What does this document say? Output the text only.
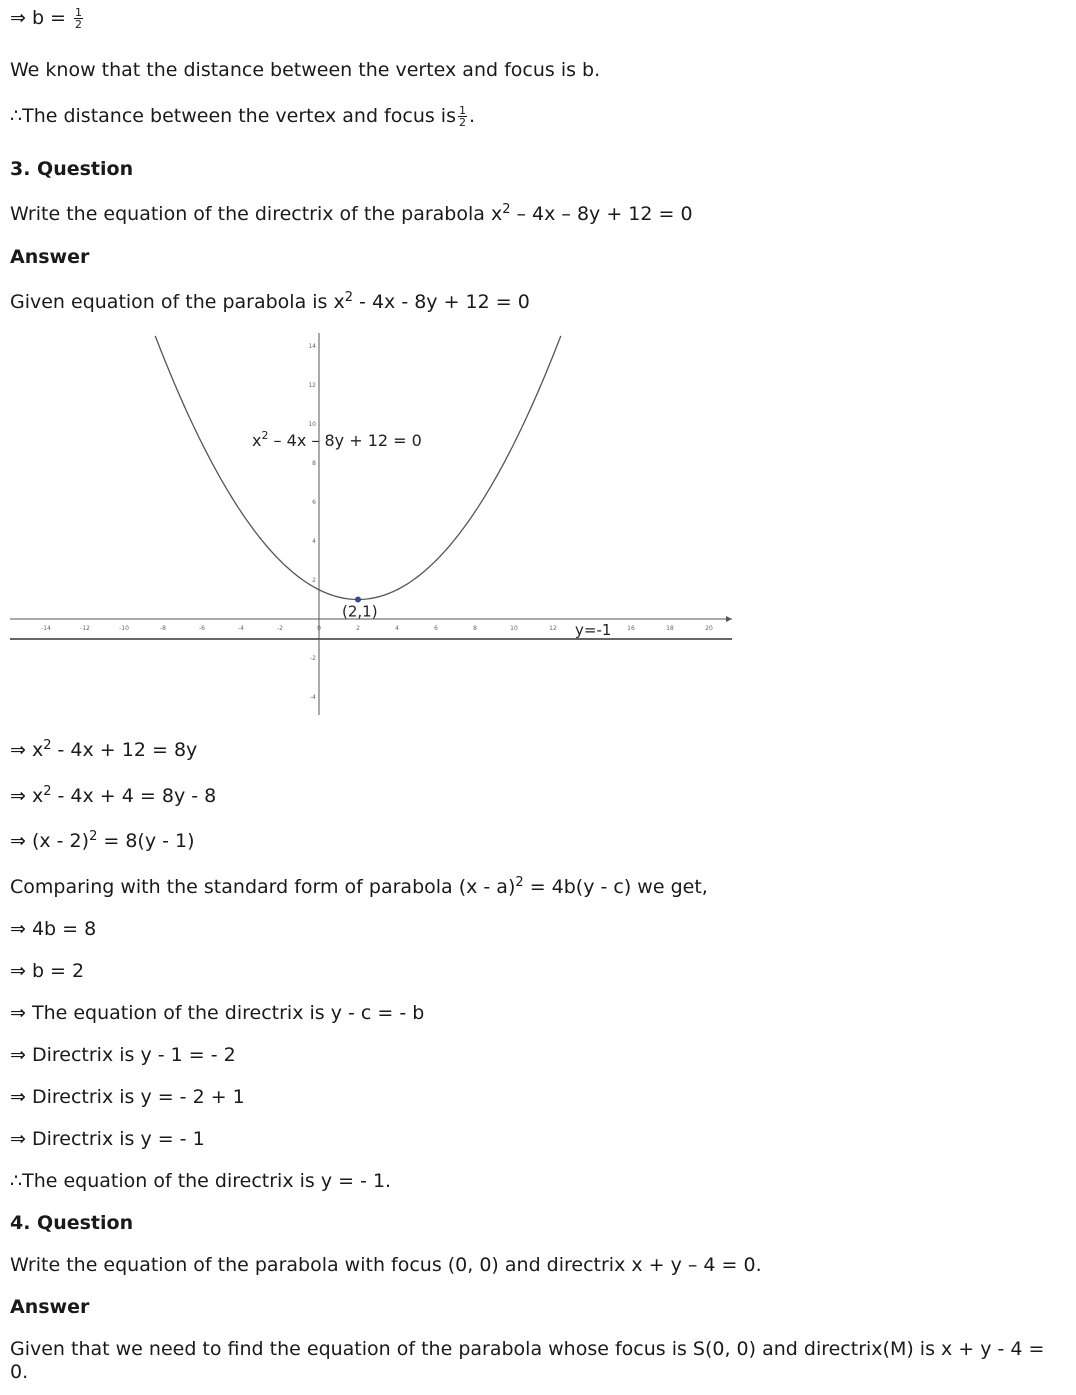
⇒ $b = \frac{1}{2}$
We know that the distance between the vertex and focus is b.
∴The distance between the vertex and focus is $\frac{1}{2}$ .
3. Question
Write the equation of the directrix of the parabola $x^2 - 4x - 8y + 12 = 0$
Answer
Given equation of the parabola is $x^2 - 4x - 8y + 12 = 0$
-14	-12	-10	-8	-6	-4	-2	0	2	4	6	8	10	12	16	18	20
14
12
10
8
6
4
2
-2
-4
(2,1)
$x^2 - 4x - 8y + 12 = 0$
y=-1
⇒ $x^2 - 4x + 12 = 8y$
⇒ $x^2 - 4x + 4 = 8y - 8$
⇒ (x - 2)$^2$ = 8(y - 1)
Comparing with the standard form of parabola (x - a)$^2$ = 4b(y - c) we get,
⇒ 4b = 8
⇒ b = 2
⇒ The equation of the directrix is y - c = - b
⇒ Directrix is y - 1 = - 2
⇒ Directrix is y = - 2 + 1
⇒ Directrix is y = - 1
∴The equation of the directrix is y = - 1.
4. Question
Write the equation of the parabola with focus (0, 0) and directrix x + y – 4 = 0.
Answer
Given that we need to find the equation of the parabola whose focus is S(0, 0) and directrix(M) is x + y - 4 =
0.
